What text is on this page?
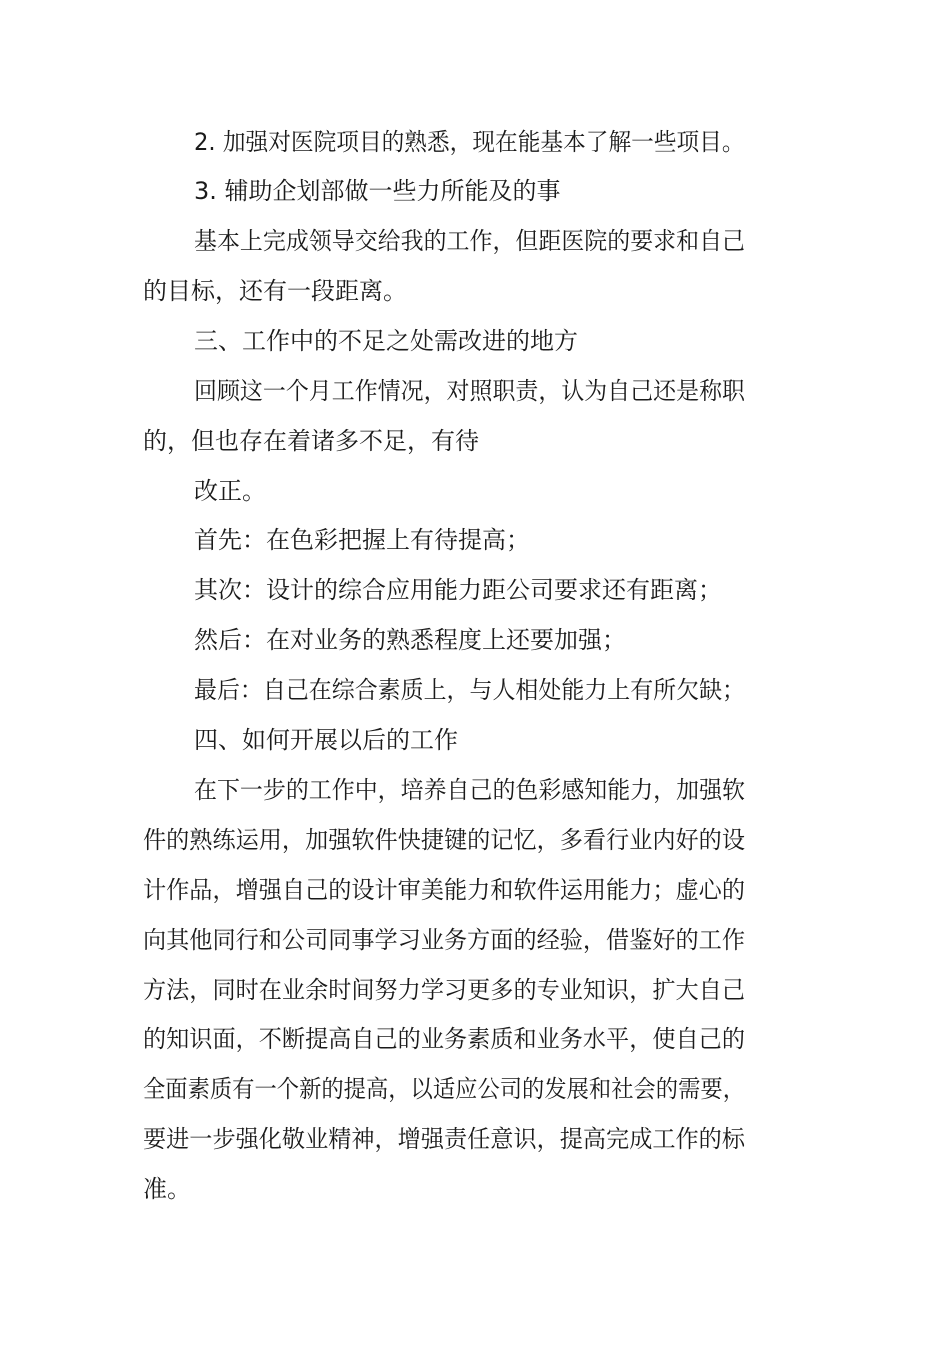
2. 加强对医院项目的熟悉，现在能基本了解一些项目。

3. 辅助企划部做一些力所能及的事

基本上完成领导交给我的工作，但距医院的要求和自己

的目标，还有一段距离。

三、工作中的不足之处需改进的地方

回顾这一个月工作情况，对照职责，认为自己还是称职

的，但也存在着诸多不足，有待

改正。

首先：在色彩把握上有待提高；

其次：设计的综合应用能力距公司要求还有距离；

然后：在对业务的熟悉程度上还要加强；

最后：自己在综合素质上，与人相处能力上有所欠缺；

四、如何开展以后的工作

在下一步的工作中，培养自己的色彩感知能力，加强软

件的熟练运用，加强软件快捷键的记忆，多看行业内好的设

计作品，增强自己的设计审美能力和软件运用能力；虚心的

向其他同行和公司同事学习业务方面的经验，借鉴好的工作

方法，同时在业余时间努力学习更多的专业知识，扩大自己

的知识面，不断提高自己的业务素质和业务水平，使自己的

全面素质有一个新的提高，以适应公司的发展和社会的需要，

要进一步强化敬业精神，增强责任意识，提高完成工作的标

准。
